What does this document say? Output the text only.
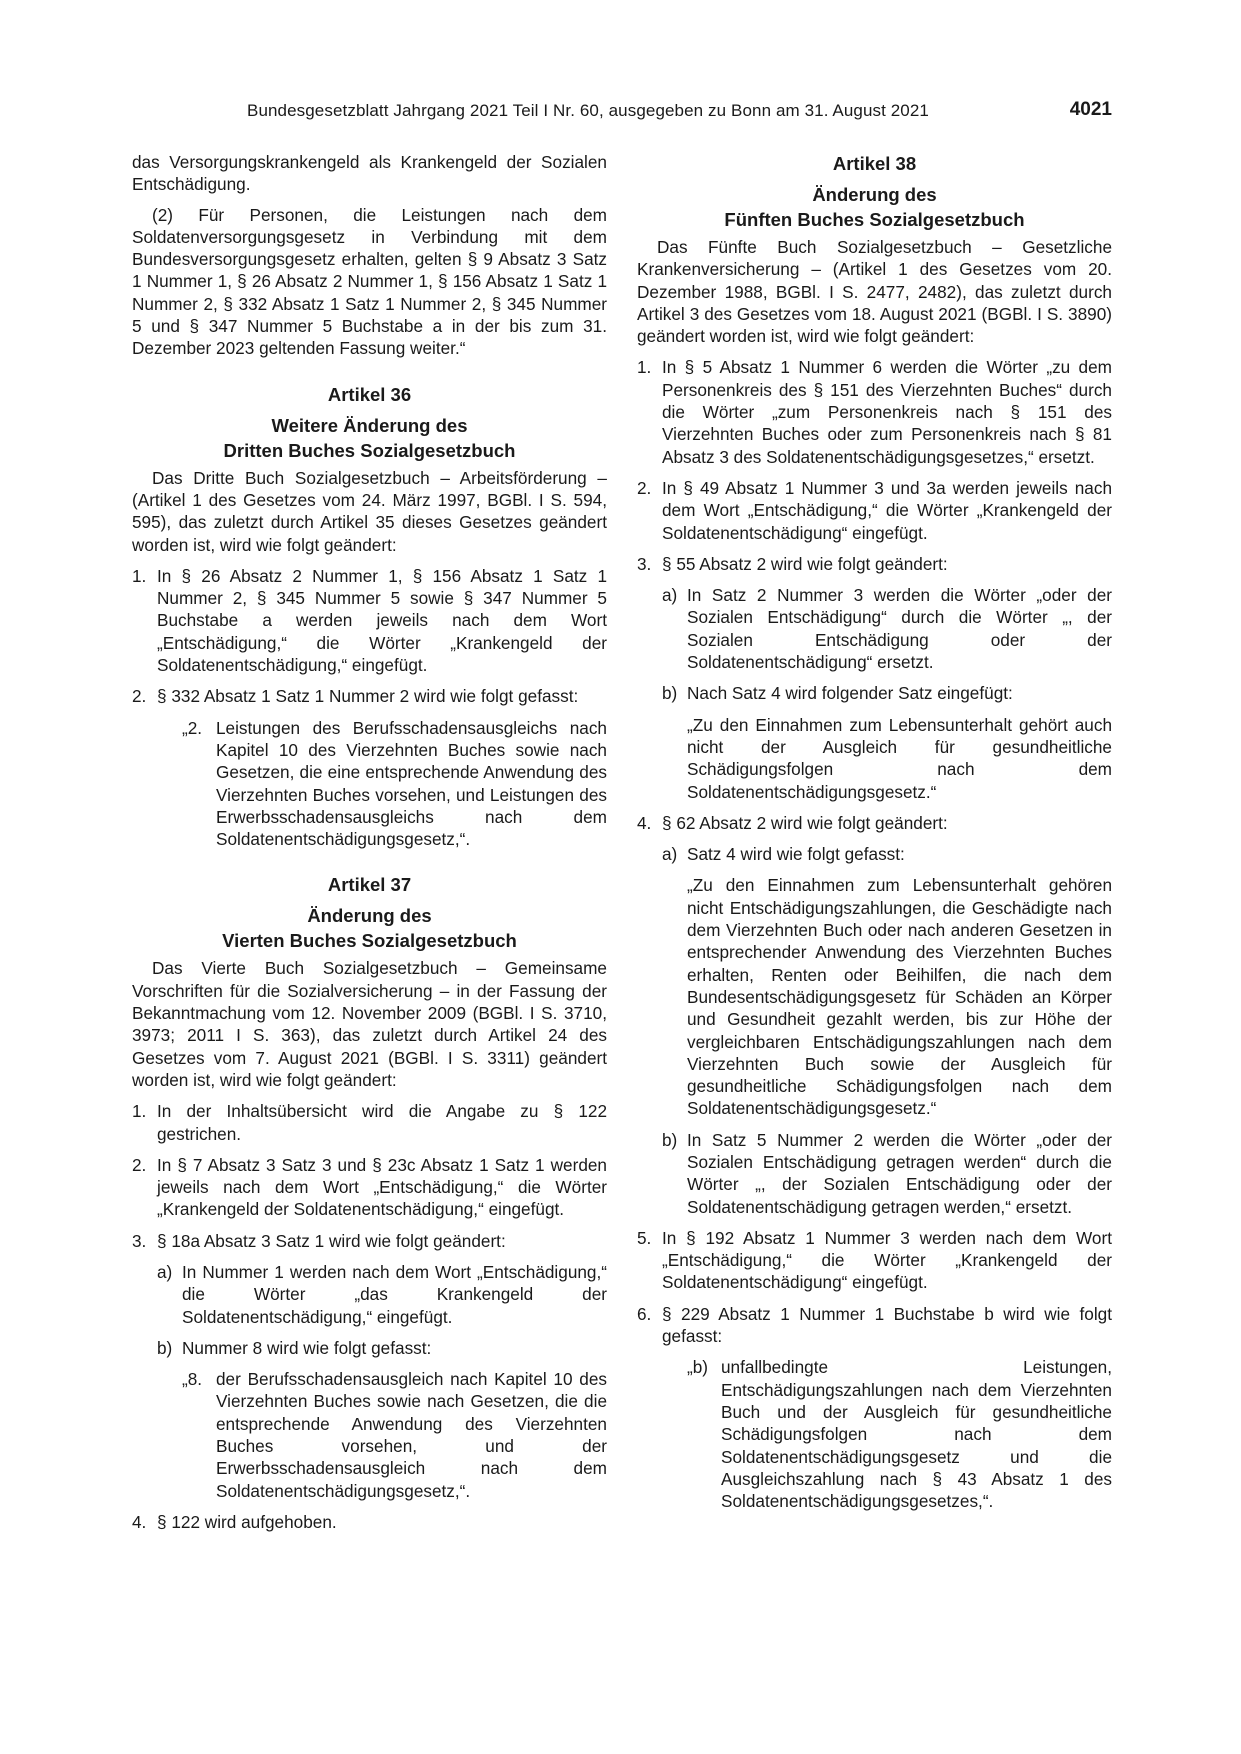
Bundesgesetzblatt Jahrgang 2021 Teil I Nr. 60, ausgegeben zu Bonn am 31. August 2021	4021

das Versorgungskrankengeld als Krankengeld der Sozialen Entschädigung.

(2) Für Personen, die Leistungen nach dem Soldatenversorgungsgesetz in Verbindung mit dem Bundesversorgungsgesetz erhalten, gelten § 9 Absatz 3 Satz 1 Nummer 1, § 26 Absatz 2 Nummer 1, § 156 Absatz 1 Satz 1 Nummer 2, § 332 Absatz 1 Satz 1 Nummer 2, § 345 Nummer 5 und § 347 Nummer 5 Buchstabe a in der bis zum 31. Dezember 2023 geltenden Fassung weiter.“

Artikel 36
Weitere Änderung des
Dritten Buches Sozialgesetzbuch

Das Dritte Buch Sozialgesetzbuch – Arbeitsförderung – (Artikel 1 des Gesetzes vom 24. März 1997, BGBl. I S. 594, 595), das zuletzt durch Artikel 35 dieses Gesetzes geändert worden ist, wird wie folgt geändert:

1. In § 26 Absatz 2 Nummer 1, § 156 Absatz 1 Satz 1 Nummer 2, § 345 Nummer 5 sowie § 347 Nummer 5 Buchstabe a werden jeweils nach dem Wort „Entschädigung,“ die Wörter „Krankengeld der Soldatenentschädigung,“ eingefügt.
2. § 332 Absatz 1 Satz 1 Nummer 2 wird wie folgt gefasst:
„2. Leistungen des Berufsschadensausgleichs nach Kapitel 10 des Vierzehnten Buches sowie nach Gesetzen, die eine entsprechende Anwendung des Vierzehnten Buches vorsehen, und Leistungen des Erwerbsschadensausgleichs nach dem Soldatenentschädigungsgesetz,“.
Artikel 37
Änderung des
Vierten Buches Sozialgesetzbuch

Das Vierte Buch Sozialgesetzbuch – Gemeinsame Vorschriften für die Sozialversicherung – in der Fassung der Bekanntmachung vom 12. November 2009 (BGBl. I S. 3710, 3973; 2011 I S. 363), das zuletzt durch Artikel 24 des Gesetzes vom 7. August 2021 (BGBl. I S. 3311) geändert worden ist, wird wie folgt geändert:

1. In der Inhaltsübersicht wird die Angabe zu § 122 gestrichen.
2. In § 7 Absatz 3 Satz 3 und § 23c Absatz 1 Satz 1 werden jeweils nach dem Wort „Entschädigung,“ die Wörter „Krankengeld der Soldatenentschädigung,“ eingefügt.
3. § 18a Absatz 3 Satz 1 wird wie folgt geändert:
a) In Nummer 1 werden nach dem Wort „Entschädigung,“ die Wörter „das Krankengeld der Soldatenentschädigung,“ eingefügt.
b) Nummer 8 wird wie folgt gefasst:
„8. der Berufsschadensausgleich nach Kapitel 10 des Vierzehnten Buches sowie nach Gesetzen, die die entsprechende Anwendung des Vierzehnten Buches vorsehen, und der Erwerbsschadensausgleich nach dem Soldatenentschädigungsgesetz,“.
4. § 122 wird aufgehoben.
Artikel 38
Änderung des
Fünften Buches Sozialgesetzbuch

Das Fünfte Buch Sozialgesetzbuch – Gesetzliche Krankenversicherung – (Artikel 1 des Gesetzes vom 20. Dezember 1988, BGBl. I S. 2477, 2482), das zuletzt durch Artikel 3 des Gesetzes vom 18. August 2021 (BGBl. I S. 3890) geändert worden ist, wird wie folgt geändert:

1. In § 5 Absatz 1 Nummer 6 werden die Wörter „zu dem Personenkreis des § 151 des Vierzehnten Buches“ durch die Wörter „zum Personenkreis nach § 151 des Vierzehnten Buches oder zum Personenkreis nach § 81 Absatz 3 des Soldatenentschädigungsgesetzes,“ ersetzt.
2. In § 49 Absatz 1 Nummer 3 und 3a werden jeweils nach dem Wort „Entschädigung,“ die Wörter „Krankengeld der Soldatenentschädigung“ eingefügt.
3. § 55 Absatz 2 wird wie folgt geändert:
a) In Satz 2 Nummer 3 werden die Wörter „oder der Sozialen Entschädigung“ durch die Wörter „, der Sozialen Entschädigung oder der Soldatenentschädigung“ ersetzt.
b) Nach Satz 4 wird folgender Satz eingefügt:

„Zu den Einnahmen zum Lebensunterhalt gehört auch nicht der Ausgleich für gesundheitliche Schädigungsfolgen nach dem Soldatenentschädigungsgesetz.“

4. § 62 Absatz 2 wird wie folgt geändert:
a) Satz 4 wird wie folgt gefasst:

„Zu den Einnahmen zum Lebensunterhalt gehören nicht Entschädigungszahlungen, die Geschädigte nach dem Vierzehnten Buch oder nach anderen Gesetzen in entsprechender Anwendung des Vierzehnten Buches erhalten, Renten oder Beihilfen, die nach dem Bundesentschädigungsgesetz für Schäden an Körper und Gesundheit gezahlt werden, bis zur Höhe der vergleichbaren Entschädigungszahlungen nach dem Vierzehnten Buch sowie der Ausgleich für gesundheitliche Schädigungsfolgen nach dem Soldatenentschädigungsgesetz.“

b) In Satz 5 Nummer 2 werden die Wörter „oder der Sozialen Entschädigung getragen werden“ durch die Wörter „, der Sozialen Entschädigung oder der Soldatenentschädigung getragen werden,“ ersetzt.
5. In § 192 Absatz 1 Nummer 3 werden nach dem Wort „Entschädigung,“ die Wörter „Krankengeld der Soldatenentschädigung“ eingefügt.
6. § 229 Absatz 1 Nummer 1 Buchstabe b wird wie folgt gefasst:
„b) unfallbedingte Leistungen, Entschädigungszahlungen nach dem Vierzehnten Buch und der Ausgleich für gesundheitliche Schädigungsfolgen nach dem Soldatenentschädigungsgesetz und die Ausgleichszahlung nach § 43 Absatz 1 des Soldatenentschädigungsgesetzes,“.
